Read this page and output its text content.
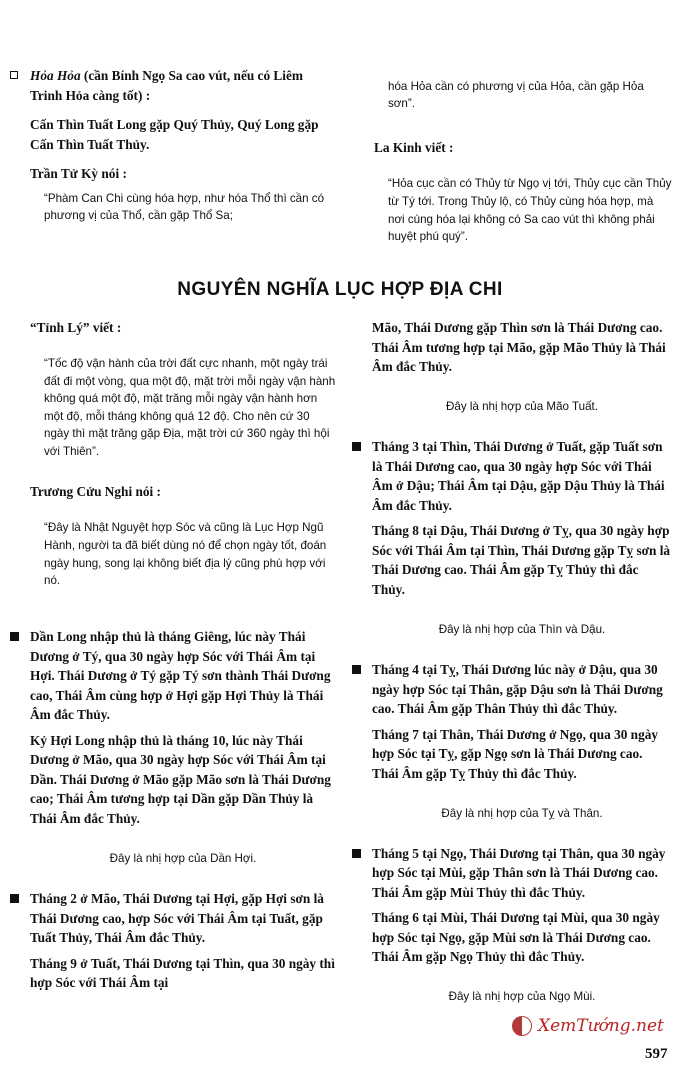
Hỏa Hỏa (cần Bính Ngọ Sa cao vút, nếu có Liêm Trinh Hỏa càng tốt) :

Cấn Thìn Tuất Long gặp Quý Thủy, Quý Long gặp Cấn Thìn Tuất Thủy.

Trần Tử Kỳ nói :

“Phàm Can Chi cùng hóa hợp, như hóa Thổ thì cần có phương vị của Thổ, cần gặp Thổ Sa;

hóa Hỏa cần có phương vị của Hỏa, cần gặp Hỏa sơn”.

La Kinh viết :

“Hỏa cục cần có Thủy từ Ngọ vị tới, Thủy cục cần Thủy từ Tý tới. Trong Thủy lộ, có Thủy cùng hóa hợp, mà nơi cùng hóa lại không có Sa cao vút thì không phải huyệt phú quý”.

NGUYÊN NGHĨA LỤC HỢP ĐỊA CHI

“Tỉnh Lý” viết :

“Tốc độ vận hành của trời đất cực nhanh, một ngày trái đất đi một vòng, qua một độ, mặt trời mỗi ngày vận hành không quá một độ, mặt trăng mỗi ngày vận hành hơn một độ, mỗi tháng không quá 12 độ. Cho nên cứ 30 ngày thì mặt trăng gặp Địa, mặt trời cứ 360 ngày thì hội với Thiên”.

Trương Cửu Nghi nói :

“Đây là Nhật Nguyệt hợp Sóc và cũng là Lục Hợp Ngũ Hành, người ta đã biết dùng nó để chọn ngày tốt, đoán ngày hung, song lại không biết địa lý cũng phù hợp với nó.

Dần Long nhập thủ là tháng Giêng, lúc này Thái Dương ở Tý, qua 30 ngày hợp Sóc với Thái Âm tại Hợi. Thái Dương ở Tý gặp Tý sơn thành Thái Dương cao, Thái Âm cùng hợp ở Hợi gặp Hợi Thủy là Thái Âm đắc Thủy.

Kỷ Hợi Long nhập thủ là tháng 10, lúc này Thái Dương ở Mão, qua 30 ngày hợp Sóc với Thái Âm tại Dần. Thái Dương ở Mão gặp Mão sơn là Thái Dương cao; Thái Âm tương hợp tại Dần gặp Dần Thủy là Thái Âm đắc Thủy.

Đây là nhị hợp của Dần Hợi.

Tháng 2 ở Mão, Thái Dương tại Hợi, gặp Hợi sơn là Thái Dương cao, hợp Sóc với Thái Âm tại Tuất, gặp Tuất Thủy, Thái Âm đắc Thủy.

Tháng 9 ở Tuất, Thái Dương tại Thìn, qua 30 ngày thì hợp Sóc với Thái Âm tại

Mão, Thái Dương gặp Thìn sơn là Thái Dương cao. Thái Âm tương hợp tại Mão, gặp Mão Thủy là Thái Âm đắc Thủy.

Đây là nhị hợp của Mão Tuất.

Tháng 3 tại Thìn, Thái Dương ở Tuất, gặp Tuất sơn là Thái Dương cao, qua 30 ngày hợp Sóc với Thái Âm ở Dậu; Thái Âm tại Dậu, gặp Dậu Thủy là Thái Âm đắc Thủy.

Tháng 8 tại Dậu, Thái Dương ở Tỵ, qua 30 ngày hợp Sóc với Thái Âm tại Thìn, Thái Dương gặp Tỵ sơn là Thái Dương cao. Thái Âm gặp Tỵ Thủy thì đắc Thủy.

Đây là nhị hợp của Thìn và Dậu.

Tháng 4 tại Tỵ, Thái Dương lúc này ở Dậu, qua 30 ngày hợp Sóc tại Thân, gặp Dậu sơn là Thái Dương cao. Thái Âm gặp Thân Thủy thì đắc Thủy.

Tháng 7 tại Thân, Thái Dương ở Ngọ, qua 30 ngày hợp Sóc tại Tỵ, gặp Ngọ sơn là Thái Dương cao. Thái Âm gặp Tỵ Thủy thì đắc Thủy.

Đây là nhị hợp của Tỵ và Thân.

Tháng 5 tại Ngọ, Thái Dương tại Thân, qua 30 ngày hợp Sóc tại Mùi, gặp Thân sơn là Thái Dương cao. Thái Âm gặp Mùi Thủy thì đắc Thủy.

Tháng 6 tại Mùi, Thái Dương tại Mùi, qua 30 ngày hợp Sóc tại Ngọ, gặp Mùi sơn là Thái Dương cao. Thái Âm gặp Ngọ Thủy thì đắc Thủy.

Đây là nhị hợp của Ngọ Mùi.

XemTướng.net
597
